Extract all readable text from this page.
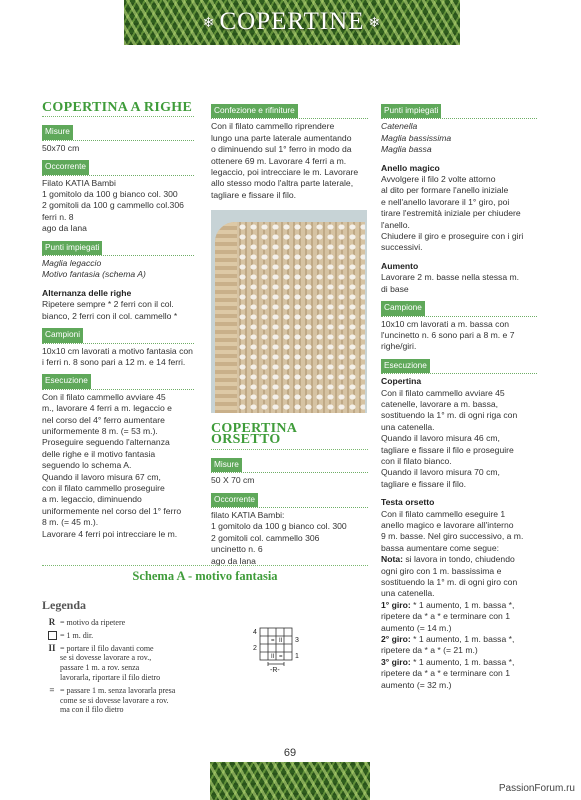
❄ COPERTINE ❄
COPERTINA A RIGHE
Misure
50x70 cm
Occorrente
Filato KATIA Bambi
1 gomitolo da 100 g bianco col. 300
2 gomitoli da 100 g cammello col.306
ferri n. 8
ago da lana
Punti impiegati
Maglia legaccio
Motivo fantasia (schema A)
Alternanza delle righe
Ripetere sempre * 2 ferri con il col.
bianco, 2 ferri con il col. cammello *
Campioni
10x10 cm lavorati a motivo fantasia con
i ferri n. 8 sono pari a 12 m. e 14 ferri.
Esecuzione
Con il filato cammello avviare 45
m., lavorare 4 ferri a m. legaccio e
nel corso del 4° ferro aumentare
uniformemente 8 m. (= 53 m.).
Proseguire seguendo l'alternanza
delle righe e il motivo fantasia
seguendo lo schema A.
Quando il lavoro misura 67 cm,
con il filato cammello proseguire
a m. legaccio, diminuendo
uniformemente nel corso del 1° ferro
8 m. (= 45 m.).
Lavorare 4 ferri poi intrecciare le m.
Confezione e rifiniture
Con il filato cammello riprendere
lungo una parte laterale aumentando
o diminuendo sul 1° ferro in modo da
ottenere 69 m. Lavorare 4 ferri a m.
legaccio, poi intrecciare le m. Lavorare
allo stesso modo l'altra parte laterale,
tagliare e fissare il filo.
COPERTINA ORSETTO
Misure
50 X 70 cm
Occorrente
filato KATIA Bambi:
1 gomitolo da 100 g bianco col. 300
2 gomitoli col. cammello 306
uncinetto n. 6
ago da lana
Punti impiegati
Catenella
Maglia bassissima
Maglia bassa
Anello magico
Avvolgere il filo 2 volte attorno
al dito per formare l'anello iniziale
e nell'anello lavorare il 1° giro, poi
tirare l'estremità iniziale per chiudere
l'anello.
Chiudere il giro e proseguire con i giri
successivi.
Aumento
Lavorare 2 m. basse nella stessa m.
di base
Campione
10x10 cm lavorati a m. bassa con
l'uncinetto n. 6 sono pari a 8 m. e 7
righe/giri.
Esecuzione
Copertina
Con il filato cammello avviare 45
catenelle, lavorare a m. bassa,
sostituendo la 1° m. di ogni riga con
una catenella.
Quando il lavoro misura 46 cm,
tagliare e fissare il filo e proseguire
con il filato bianco.
Quando il lavoro misura 70 cm,
tagliare e fissare il filo.
Testa orsetto
Con il filato cammello eseguire 1
anello magico e lavorare all'interno
9 m. basse. Nel giro successivo, a m.
bassa aumentare come segue:
Nota: si lavora in tondo, chiudendo
ogni giro con 1 m. bassissima e
sostituendo la 1° m. di ogni giro con
una catenella.
1° giro: * 1 aumento, 1 m. bassa *,
ripetere da * a * e terminare con 1
aumento (= 14 m.)
2° giro: * 1 aumento, 1 m. bassa *,
ripetere da * a * (= 21 m.)
3° giro: * 1 aumento, 1 m. bassa *,
ripetere da * a * e terminare con 1
aumento (= 32 m.)
Schema A - motivo fantasia
Legenda
R = motivo da ripetere
= 1 m. dir.
II = portare il filo davanti come
se si dovesse lavorare a rov.,
passare 1 m. a rov. senza
lavorarla, riportare il filo dietro
= = passare 1 m. senza lavorarla presa
come se si dovesse lavorare a rov.
ma con il filo dietro
= II
II =
4
2
3
1
-R-
69
PassionForum.ru
